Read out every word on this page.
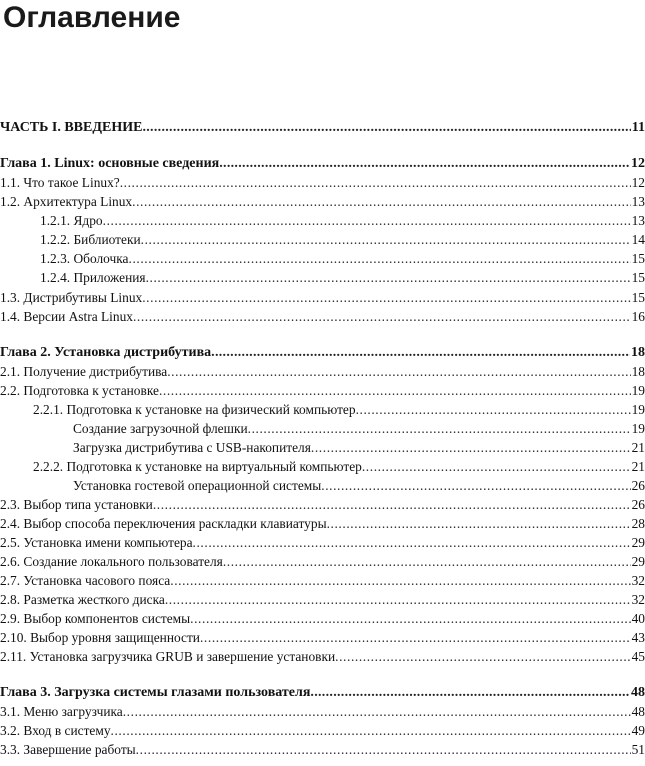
Оглавление
ЧАСТЬ I. ВВЕДЕНИЕ .....	11
Глава 1. Linux: основные сведения .....	12
1.1. Что такое Linux? .....	12
1.2. Архитектура Linux .....	13
1.2.1. Ядро .....	13
1.2.2. Библиотеки .....	14
1.2.3. Оболочка .....	15
1.2.4. Приложения .....	15
1.3. Дистрибутивы Linux .....	15
1.4. Версии Astra Linux .....	16
Глава 2. Установка дистрибутива .....	18
2.1. Получение дистрибутива .....	18
2.2. Подготовка к установке .....	19
2.2.1. Подготовка к установке на физический компьютер .....	19
Создание загрузочной флешки .....	19
Загрузка дистрибутива с USB-накопителя .....	21
2.2.2. Подготовка к установке на виртуальный компьютер .....	21
Установка гостевой операционной системы .....	26
2.3. Выбор типа установки .....	26
2.4. Выбор способа переключения раскладки клавиатуры .....	28
2.5. Установка имени компьютера .....	29
2.6. Создание локального пользователя .....	29
2.7. Установка часового пояса .....	32
2.8. Разметка жесткого диска .....	32
2.9. Выбор компонентов системы .....	40
2.10. Выбор уровня защищенности .....	43
2.11. Установка загрузчика GRUB и завершение установки .....	45
Глава 3. Загрузка системы глазами пользователя .....	48
3.1. Меню загрузчика .....	48
3.2. Вход в систему .....	49
3.3. Завершение работы .....	51
